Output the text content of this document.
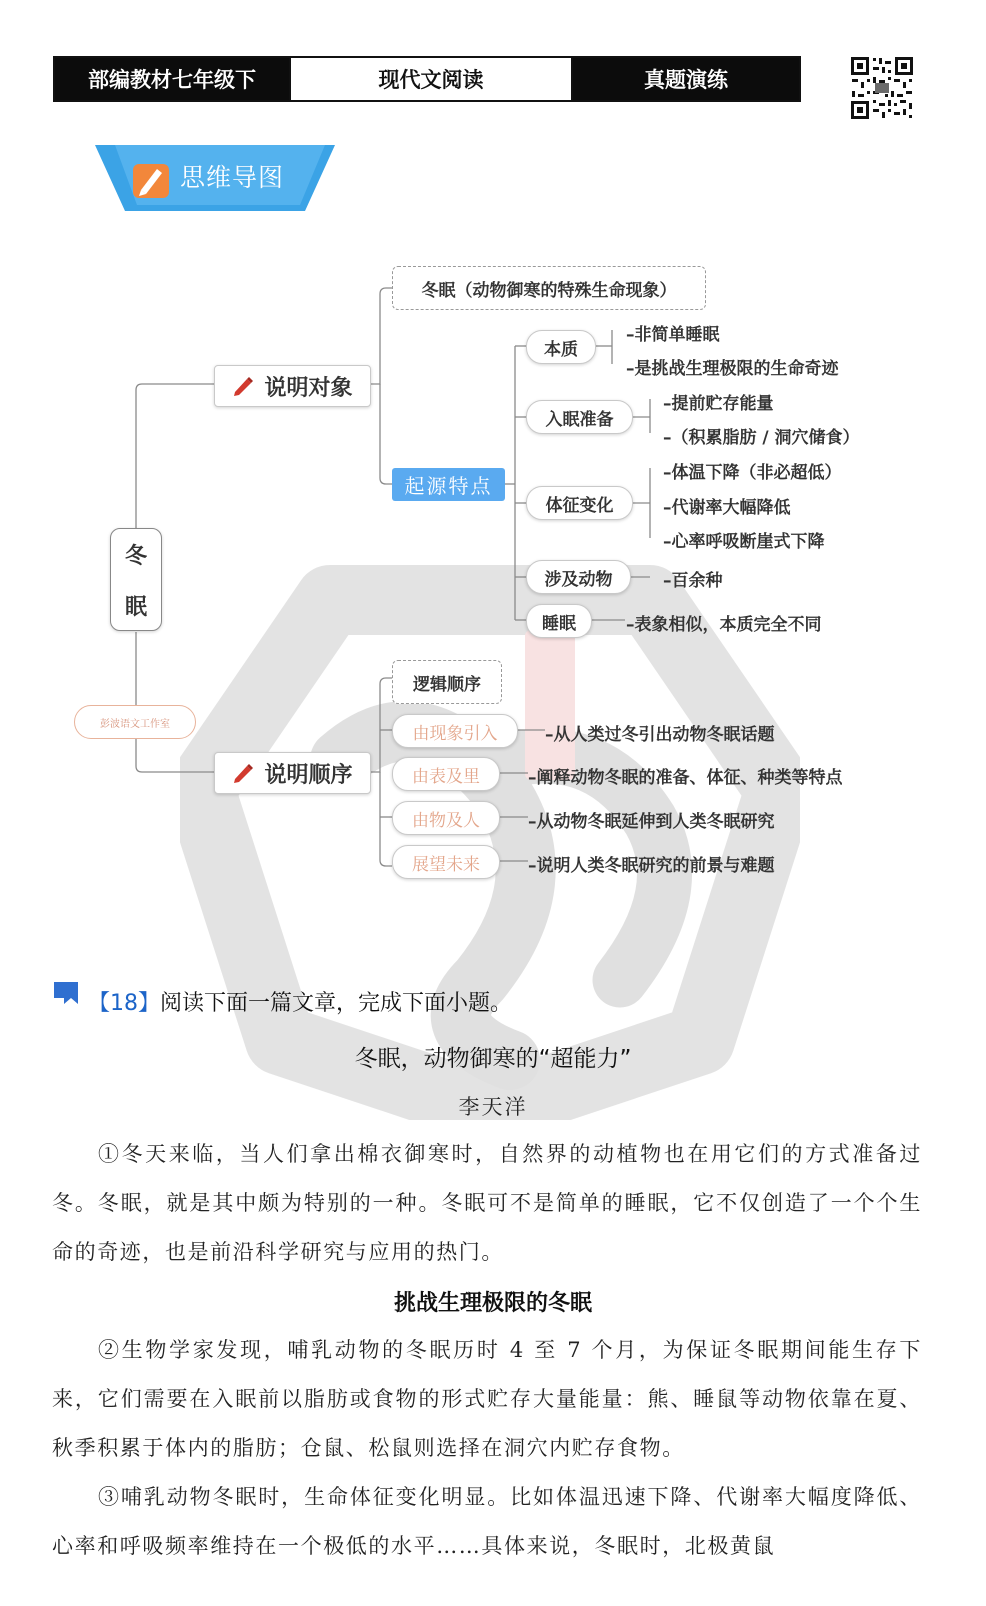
部编教材七年级下	现代文阅读	真题演练
思维导图
冬
眠
彭波语文工作室
说明对象
冬眠（动物御寒的特殊生命现象）
起源特点
本质
入眠准备
体征变化
涉及动物
睡眠
–非简单睡眠
–是挑战生理极限的生命奇迹
–提前贮存能量
–（积累脂肪 / 洞穴储食）
–体温下降（非必超低）
–代谢率大幅降低
–心率呼吸断崖式下降
–百余种
–表象相似，本质完全不同
说明顺序
逻辑顺序
由现象引入
由表及里
由物及人
展望未来
–从人类过冬引出动物冬眠话题
–阐释动物冬眠的准备、体征、种类等特点
–从动物冬眠延伸到人类冬眠研究
–说明人类冬眠研究的前景与难题
【18】阅读下面一篇文章，完成下面小题。
冬眠，动物御寒的“超能力”
李天洋
①冬天来临，当人们拿出棉衣御寒时，自然界的动植物也在用它们的方式准备过冬。冬眠，就是其中颇为特别的一种。冬眠可不是简单的睡眠，它不仅创造了一个个生命的奇迹，也是前沿科学研究与应用的热门。
挑战生理极限的冬眠
②生物学家发现，哺乳动物的冬眠历时 4 至 7 个月，为保证冬眠期间能生存下来，它们需要在入眠前以脂肪或食物的形式贮存大量能量：熊、睡鼠等动物依靠在夏、秋季积累于体内的脂肪；仓鼠、松鼠则选择在洞穴内贮存食物。
③哺乳动物冬眠时，生命体征变化明显。比如体温迅速下降、代谢率大幅度降低、心率和呼吸频率维持在一个极低的水平……具体来说，冬眠时，北极黄鼠
